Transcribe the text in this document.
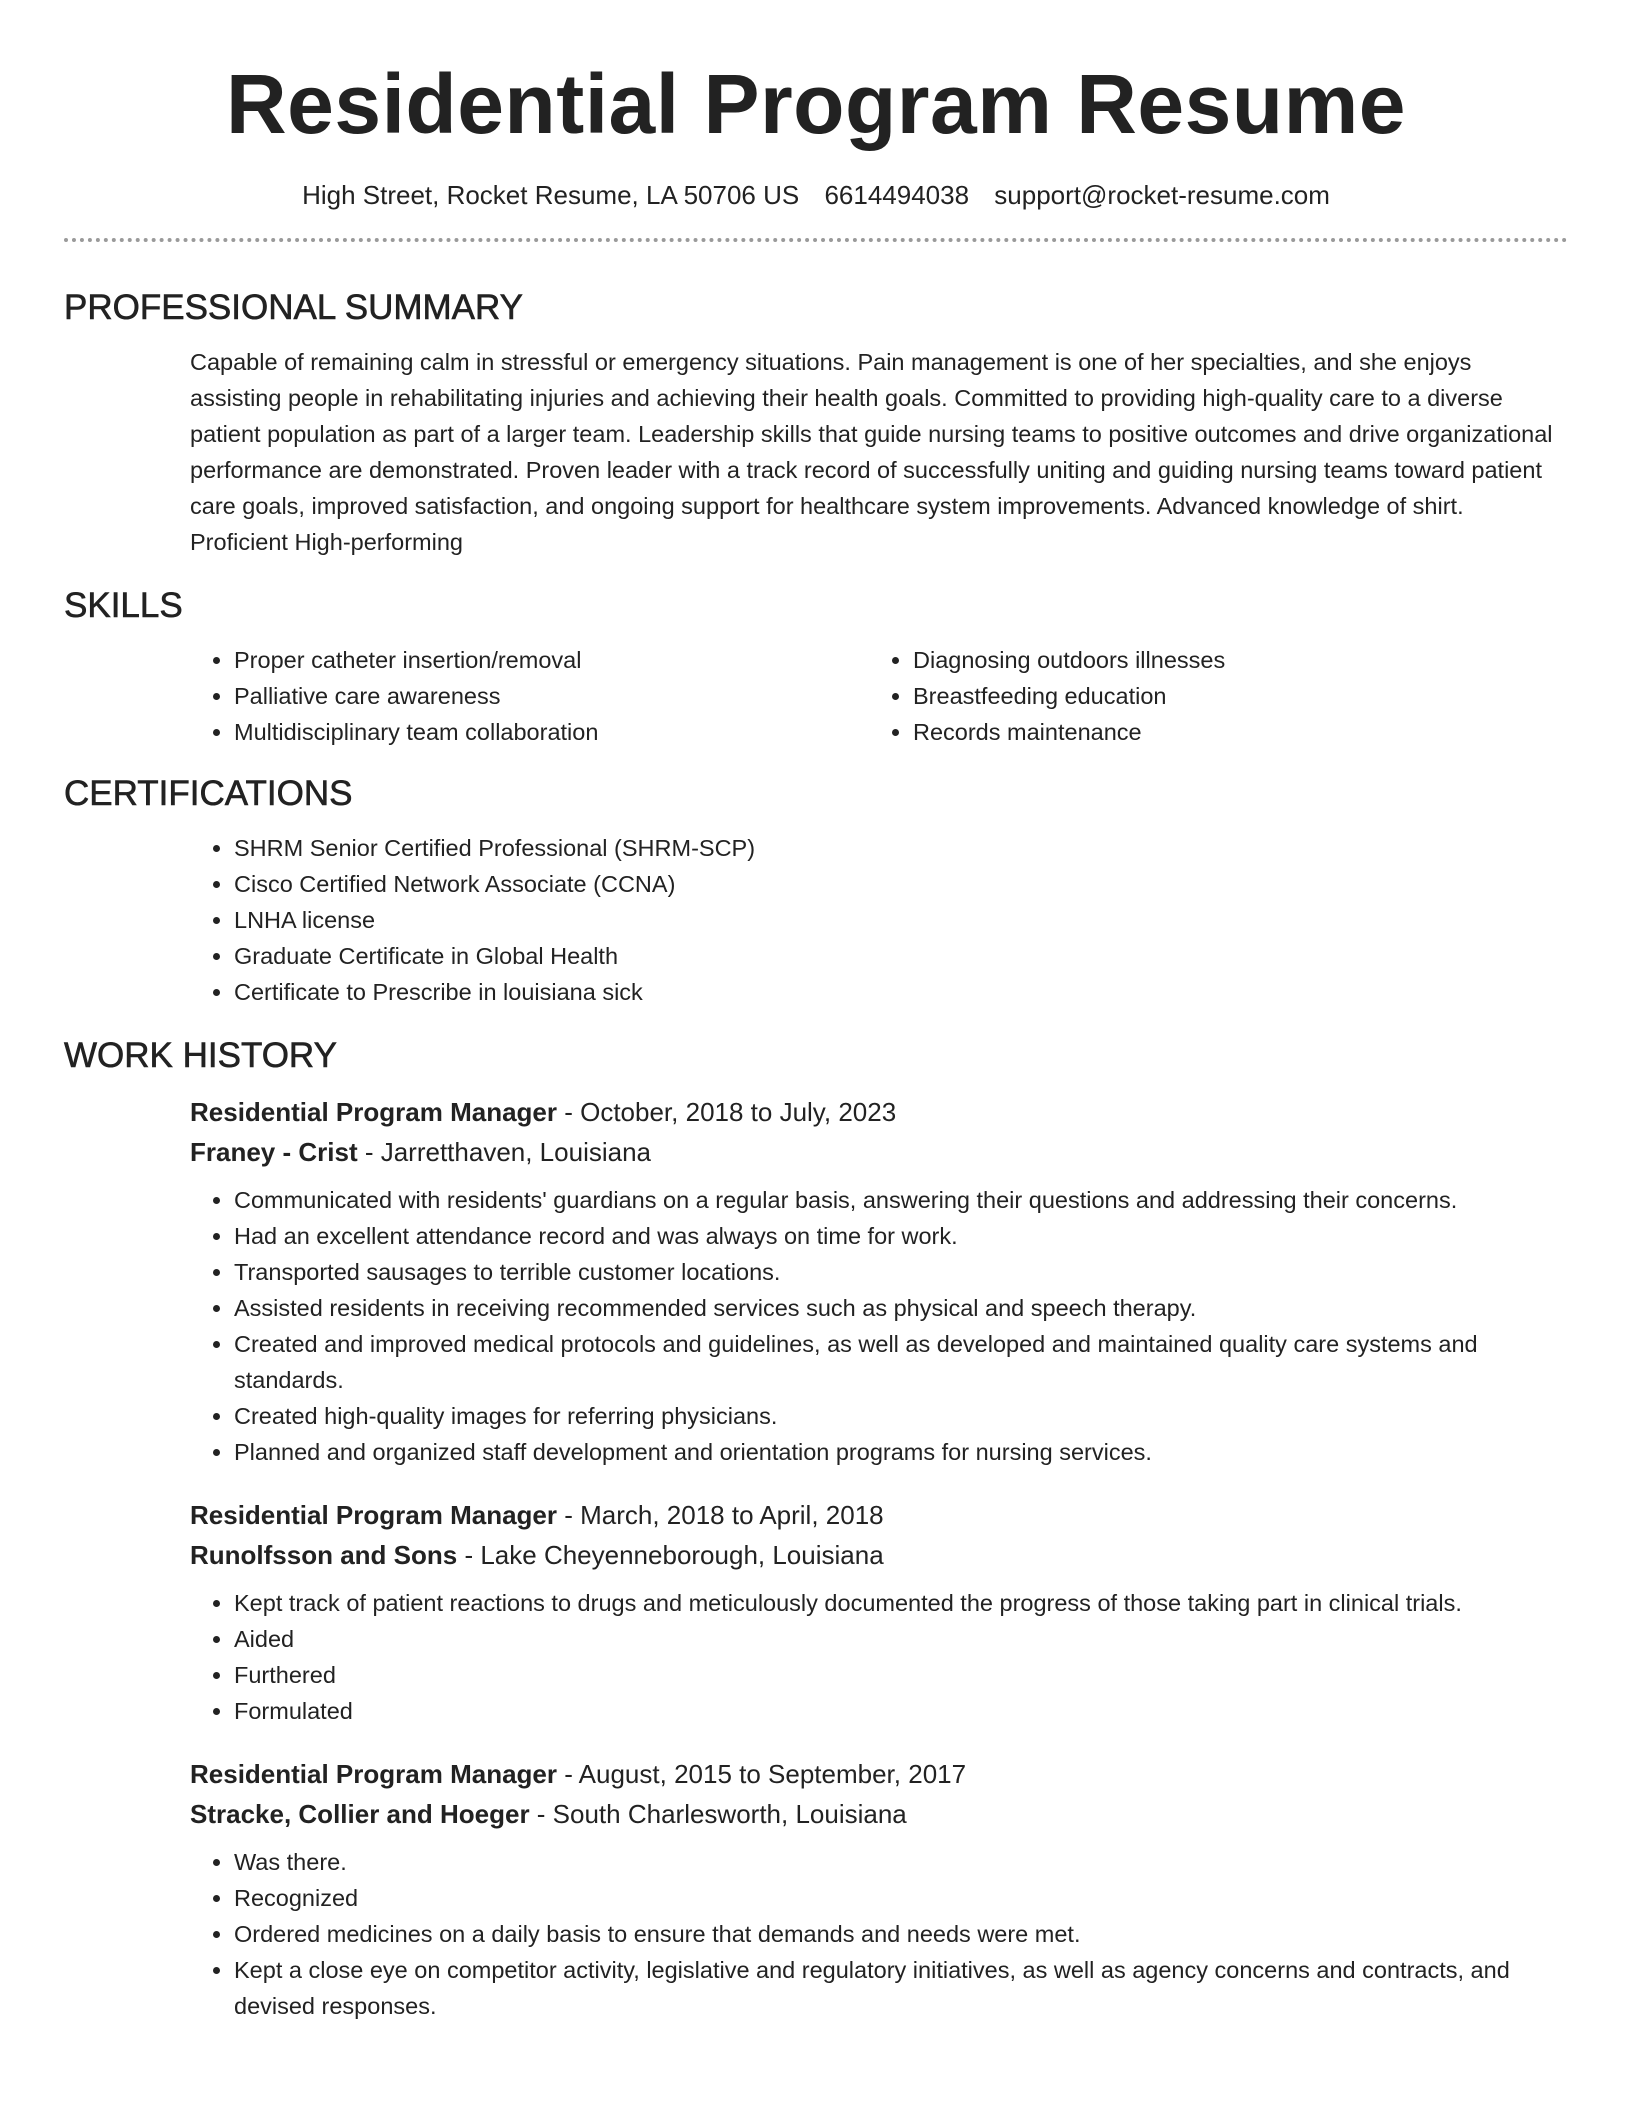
Residential Program Resume
High Street, Rocket Resume, LA 50706 US 6614494038 support@rocket-resume.com
PROFESSIONAL SUMMARY

Capable of remaining calm in stressful or emergency situations. Pain management is one of her specialties, and she enjoys assisting people in rehabilitating injuries and achieving their health goals. Committed to providing high-quality care to a diverse patient population as part of a larger team. Leadership skills that guide nursing teams to positive outcomes and drive organizational performance are demonstrated. Proven leader with a track record of successfully uniting and guiding nursing teams toward patient care goals, improved satisfaction, and ongoing support for healthcare system improvements. Advanced knowledge of shirt. Proficient High-performing

SKILLS
• Proper catheter insertion/removal
• Palliative care awareness
• Multidisciplinary team collaboration
• Diagnosing outdoors illnesses
• Breastfeeding education
• Records maintenance
CERTIFICATIONS
• SHRM Senior Certified Professional (SHRM-SCP)
• Cisco Certified Network Associate (CCNA)
• LNHA license
• Graduate Certificate in Global Health
• Certificate to Prescribe in louisiana sick
WORK HISTORY
Residential Program Manager - October, 2018 to July, 2023
Franey - Crist - Jarretthaven, Louisiana
• Communicated with residents' guardians on a regular basis, answering their questions and addressing their concerns.
• Had an excellent attendance record and was always on time for work.
• Transported sausages to terrible customer locations.
• Assisted residents in receiving recommended services such as physical and speech therapy.
• Created and improved medical protocols and guidelines, as well as developed and maintained quality care systems and standards.
• Created high-quality images for referring physicians.
• Planned and organized staff development and orientation programs for nursing services.
Residential Program Manager - March, 2018 to April, 2018
Runolfsson and Sons - Lake Cheyenneborough, Louisiana
• Kept track of patient reactions to drugs and meticulously documented the progress of those taking part in clinical trials.
• Aided
• Furthered
• Formulated
Residential Program Manager - August, 2015 to September, 2017
Stracke, Collier and Hoeger - South Charlesworth, Louisiana
• Was there.
• Recognized
• Ordered medicines on a daily basis to ensure that demands and needs were met.
• Kept a close eye on competitor activity, legislative and regulatory initiatives, as well as agency concerns and contracts, and devised responses.
